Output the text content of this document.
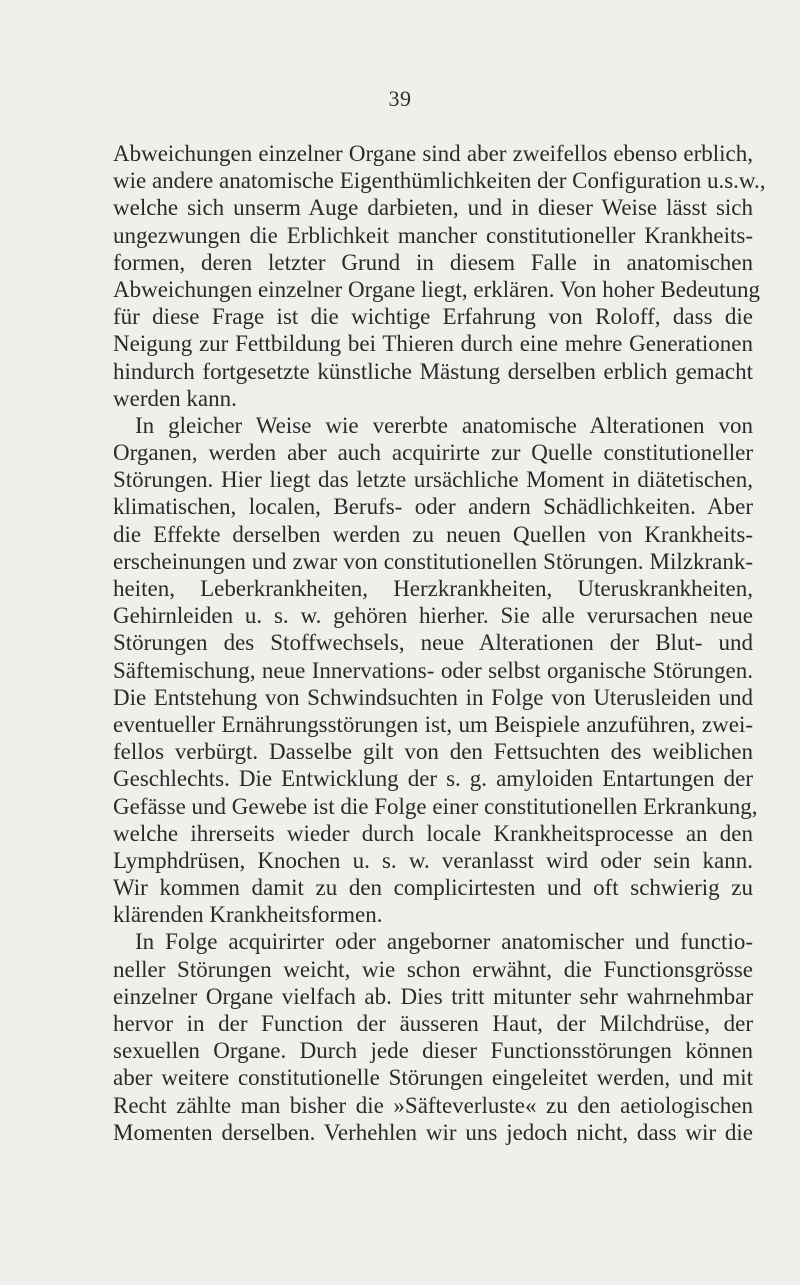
39
Abweichungen einzelner Organe sind aber zweifellos ebenso erblich,
wie andere anatomische Eigenthümlichkeiten der Configuration u.s.w.,
welche sich unserm Auge darbieten, und in dieser Weise lässt sich
ungezwungen die Erblichkeit mancher constitutioneller Krankheits-
formen, deren letzter Grund in diesem Falle in anatomischen
Abweichungen einzelner Organe liegt, erklären. Von hoher Bedeutung
für diese Frage ist die wichtige Erfahrung von Roloff, dass die
Neigung zur Fettbildung bei Thieren durch eine mehre Generationen
hindurch fortgesetzte künstliche Mästung derselben erblich gemacht
werden kann.
In gleicher Weise wie vererbte anatomische Alterationen von
Organen, werden aber auch acquirirte zur Quelle constitutioneller
Störungen. Hier liegt das letzte ursächliche Moment in diätetischen,
klimatischen, localen, Berufs- oder andern Schädlichkeiten. Aber
die Effekte derselben werden zu neuen Quellen von Krankheits-
erscheinungen und zwar von constitutionellen Störungen. Milzkrank-
heiten, Leberkrankheiten, Herzkrankheiten, Uteruskrankheiten,
Gehirnleiden u. s. w. gehören hierher. Sie alle verursachen neue
Störungen des Stoffwechsels, neue Alterationen der Blut- und
Säftemischung, neue Innervations- oder selbst organische Störungen.
Die Entstehung von Schwindsuchten in Folge von Uterusleiden und
eventueller Ernährungsstörungen ist, um Beispiele anzuführen, zwei-
fellos verbürgt. Dasselbe gilt von den Fettsuchten des weiblichen
Geschlechts. Die Entwicklung der s. g. amyloiden Entartungen der
Gefässe und Gewebe ist die Folge einer constitutionellen Erkrankung,
welche ihrerseits wieder durch locale Krankheitsprocesse an den
Lymphdrüsen, Knochen u. s. w. veranlasst wird oder sein kann.
Wir kommen damit zu den complicirtesten und oft schwierig zu
klärenden Krankheitsformen.
In Folge acquirirter oder angeborner anatomischer und functio-
neller Störungen weicht, wie schon erwähnt, die Functionsgrösse
einzelner Organe vielfach ab. Dies tritt mitunter sehr wahrnehmbar
hervor in der Function der äusseren Haut, der Milchdrüse, der
sexuellen Organe. Durch jede dieser Functionsstörungen können
aber weitere constitutionelle Störungen eingeleitet werden, und mit
Recht zählte man bisher die »Säfteverluste« zu den aetiologischen
Momenten derselben. Verhehlen wir uns jedoch nicht, dass wir die
